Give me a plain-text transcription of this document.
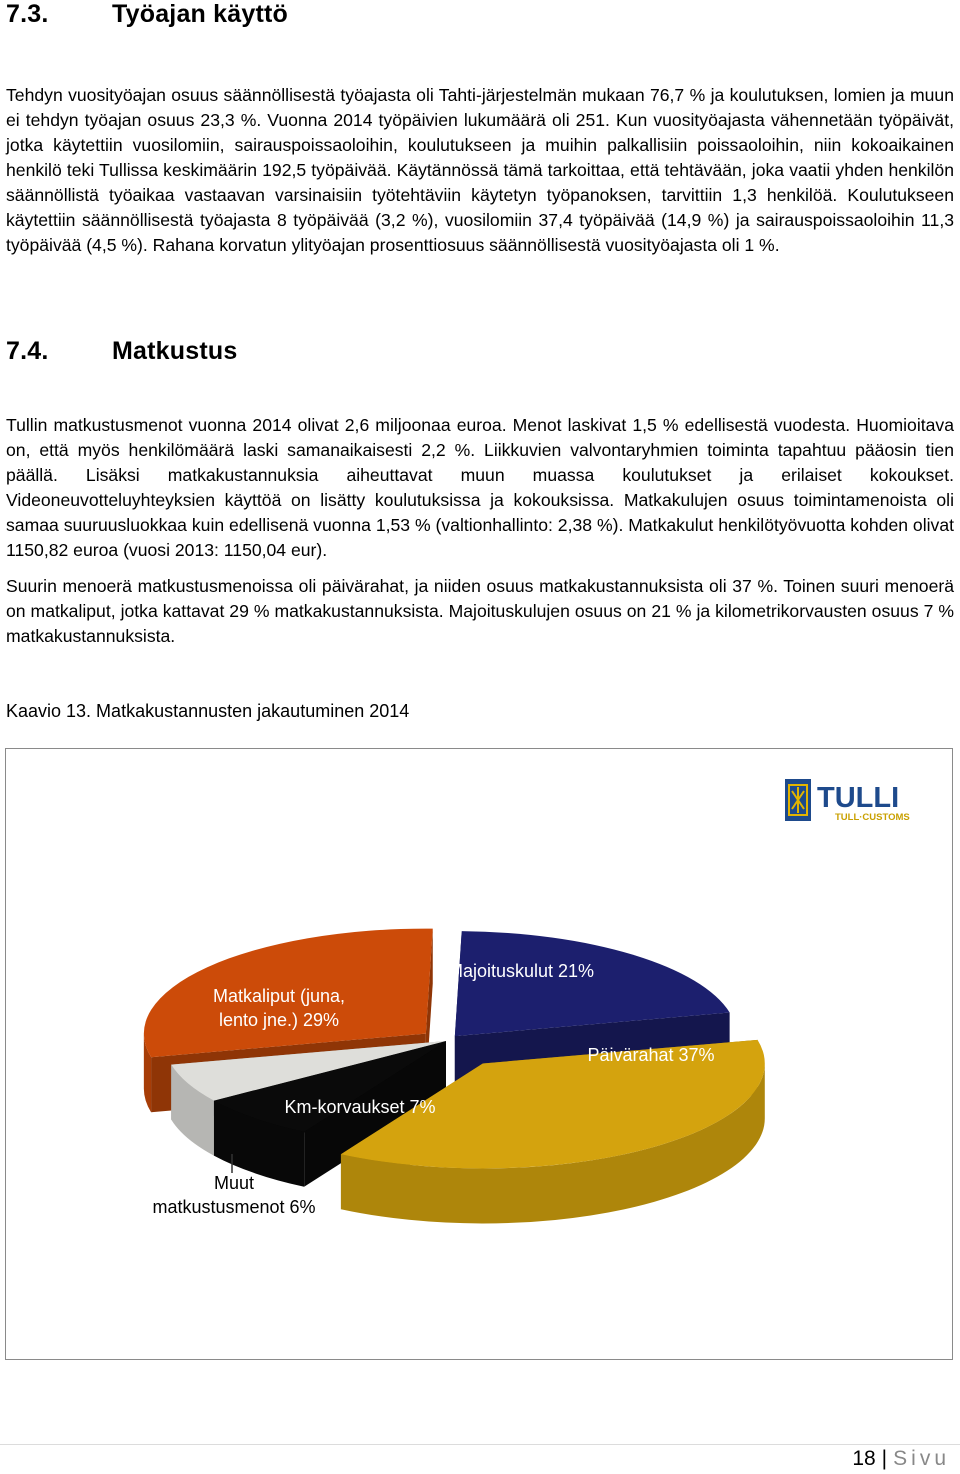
7.3.	Työajan käyttö

Tehdyn vuosityöajan osuus säännöllisestä työajasta oli Tahti-järjestelmän mukaan 76,7 % ja koulutuksen, lomien ja muun ei tehdyn työajan osuus 23,3 %. Vuonna 2014 työpäivien lukumäärä oli 251. Kun vuosityöajasta vähennetään työpäivät, jotka käytettiin vuosilomiin, sairauspoissaoloihin, koulutukseen ja muihin palkallisiin poissaoloihin, niin kokoaikainen henkilö teki Tullissa keskimäärin 192,5 työpäivää. Käytännössä tämä tarkoittaa, että tehtävään, joka vaatii yhden henkilön säännöllistä työaikaa vastaavan varsinaisiin työtehtäviin käytetyn työpanoksen, tarvittiin 1,3 henkilöä. Koulutukseen käytettiin säännöllisestä työajasta 8 työpäivää (3,2 %), vuosilomiin 37,4 työpäivää (14,9 %) ja sairauspoissaoloihin 11,3 työpäivää (4,5 %). Rahana korvatun ylityöajan prosenttiosuus säännöllisestä vuosityöajasta oli 1 %.

7.4.	Matkustus

Tullin matkustusmenot vuonna 2014 olivat 2,6 miljoonaa euroa. Menot laskivat 1,5 % edellisestä vuodesta. Huomioitava on, että myös henkilömäärä laski samanaikaisesti 2,2 %. Liikkuvien valvontaryhmien toiminta tapahtuu pääosin tien päällä. Lisäksi matkakustannuksia aiheuttavat muun muassa koulutukset ja erilaiset kokoukset. Videoneuvotteluyhteyksien käyttöä on lisätty koulutuksissa ja kokouksissa. Matkakulujen osuus toimintamenoista oli samaa suuruusluokkaa kuin edellisenä vuonna 1,53 % (valtionhallinto: 2,38 %). Matkakulut henkilötyövuotta kohden olivat 1150,82 euroa (vuosi 2013: 1150,04 eur).

Suurin menoerä matkustusmenoissa oli päivärahat, ja niiden osuus matkakustannuksista oli 37 %. Toinen suuri menoerä on matkaliput, jotka kattavat 29 % matkakustannuksista. Majoituskulujen osuus on 21 % ja kilometrikorvausten osuus 7 % matkakustannuksista.

Kaavio 13. Matkakustannusten jakautuminen 2014
TULLI
TULL·CUSTOMS
Päivärahat 37%
Km-korvaukset 7%
Muut matkustusmenot 6%
Matkaliput (juna, lento jne.) 29%
Majoituskulut 21%
18 | Sivu
